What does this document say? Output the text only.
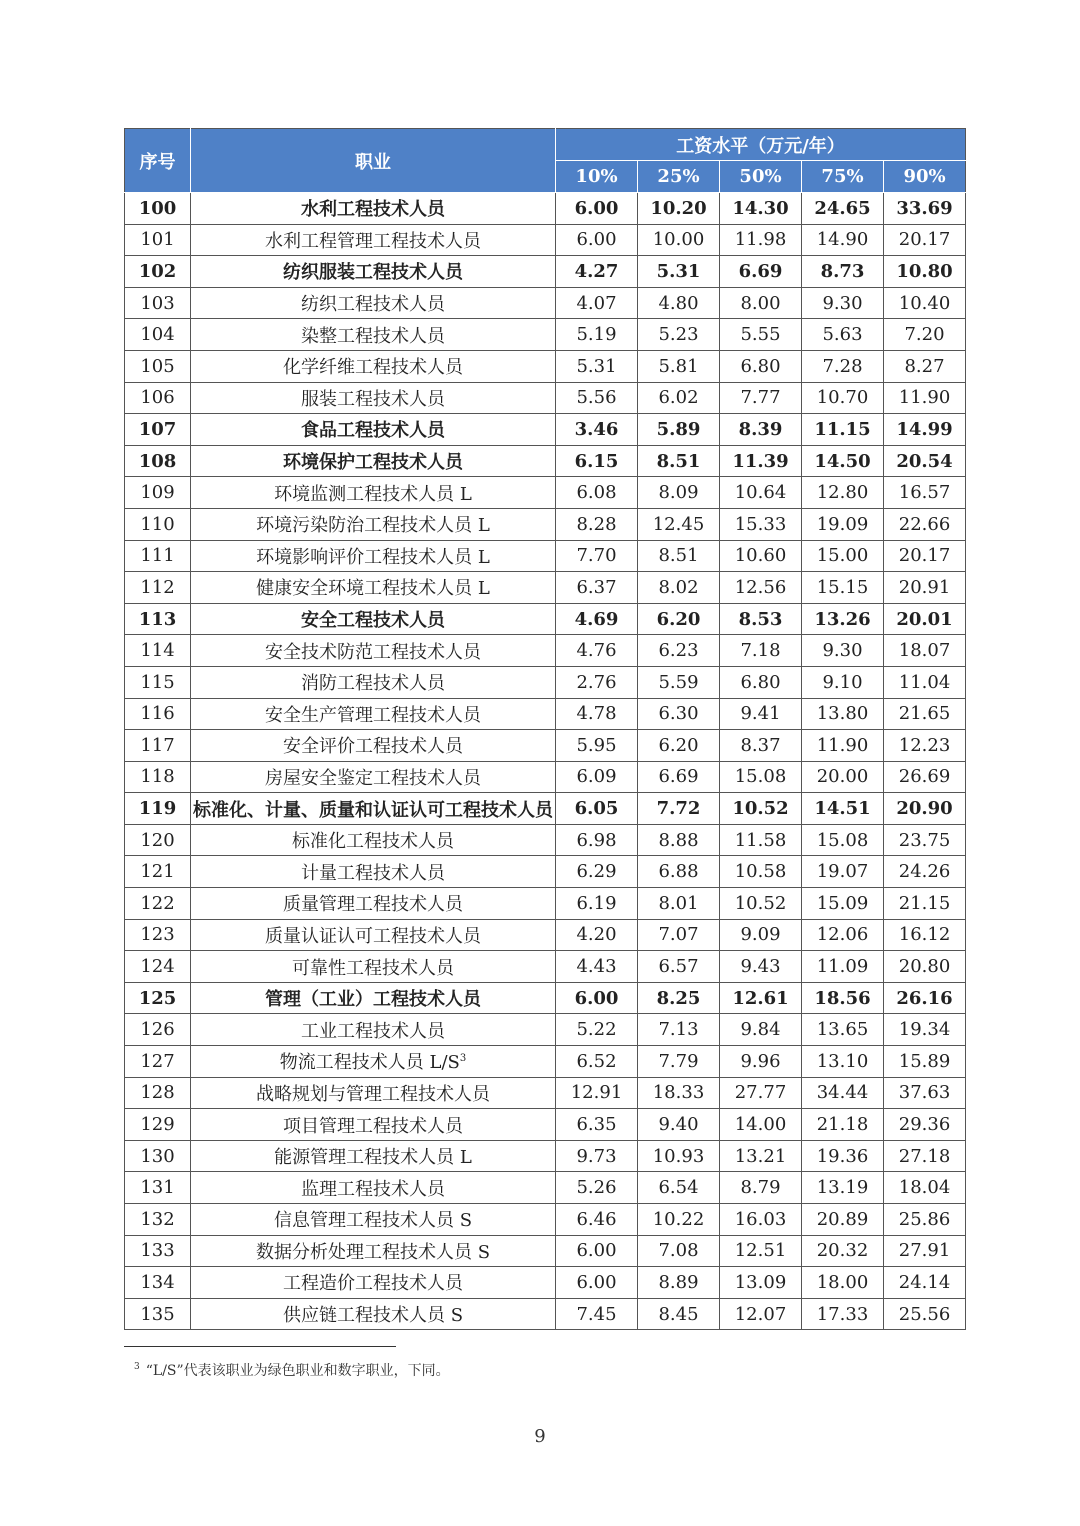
序号	职业	工资水平（万元/年）				
		10%	25%	50%	75%	90%
100	水利工程技术人员	6.00	10.20	14.30	24.65	33.69
101	水利工程管理工程技术人员	6.00	10.00	11.98	14.90	20.17
102	纺织服装工程技术人员	4.27	5.31	6.69	8.73	10.80
103	纺织工程技术人员	4.07	4.80	8.00	9.30	10.40
104	染整工程技术人员	5.19	5.23	5.55	5.63	7.20
105	化学纤维工程技术人员	5.31	5.81	6.80	7.28	8.27
106	服装工程技术人员	5.56	6.02	7.77	10.70	11.90
107	食品工程技术人员	3.46	5.89	8.39	11.15	14.99
108	环境保护工程技术人员	6.15	8.51	11.39	14.50	20.54
109	环境监测工程技术人员 L	6.08	8.09	10.64	12.80	16.57
110	环境污染防治工程技术人员 L	8.28	12.45	15.33	19.09	22.66
111	环境影响评价工程技术人员 L	7.70	8.51	10.60	15.00	20.17
112	健康安全环境工程技术人员 L	6.37	8.02	12.56	15.15	20.91
113	安全工程技术人员	4.69	6.20	8.53	13.26	20.01
114	安全技术防范工程技术人员	4.76	6.23	7.18	9.30	18.07
115	消防工程技术人员	2.76	5.59	6.80	9.10	11.04
116	安全生产管理工程技术人员	4.78	6.30	9.41	13.80	21.65
117	安全评价工程技术人员	5.95	6.20	8.37	11.90	12.23
118	房屋安全鉴定工程技术人员	6.09	6.69	15.08	20.00	26.69
119	标准化、计量、质量和认证认可工程技术人员	6.05	7.72	10.52	14.51	20.90
120	标准化工程技术人员	6.98	8.88	11.58	15.08	23.75
121	计量工程技术人员	6.29	6.88	10.58	19.07	24.26
122	质量管理工程技术人员	6.19	8.01	10.52	15.09	21.15
123	质量认证认可工程技术人员	4.20	7.07	9.09	12.06	16.12
124	可靠性工程技术人员	4.43	6.57	9.43	11.09	20.80
125	管理（工业）工程技术人员	6.00	8.25	12.61	18.56	26.16
126	工业工程技术人员	5.22	7.13	9.84	13.65	19.34
127	物流工程技术人员 $L/S^3$	6.52	7.79	9.96	13.10	15.89
128	战略规划与管理工程技术人员	12.91	18.33	27.77	34.44	37.63
129	项目管理工程技术人员	6.35	9.40	14.00	21.18	29.36
130	能源管理工程技术人员 L	9.73	10.93	13.21	19.36	27.18
131	监理工程技术人员	5.26	6.54	8.79	13.19	18.04
132	信息管理工程技术人员 S	6.46	10.22	16.03	20.89	25.86
133	数据分析处理工程技术人员 S	6.00	7.08	12.51	20.32	27.91
134	工程造价工程技术人员	6.00	8.89	13.09	18.00	24.14
135	供应链工程技术人员 S	7.45	8.45	12.07	17.33	25.56
$^3$ “L/S”代表该职业为绿色职业和数字职业，下同。
9
